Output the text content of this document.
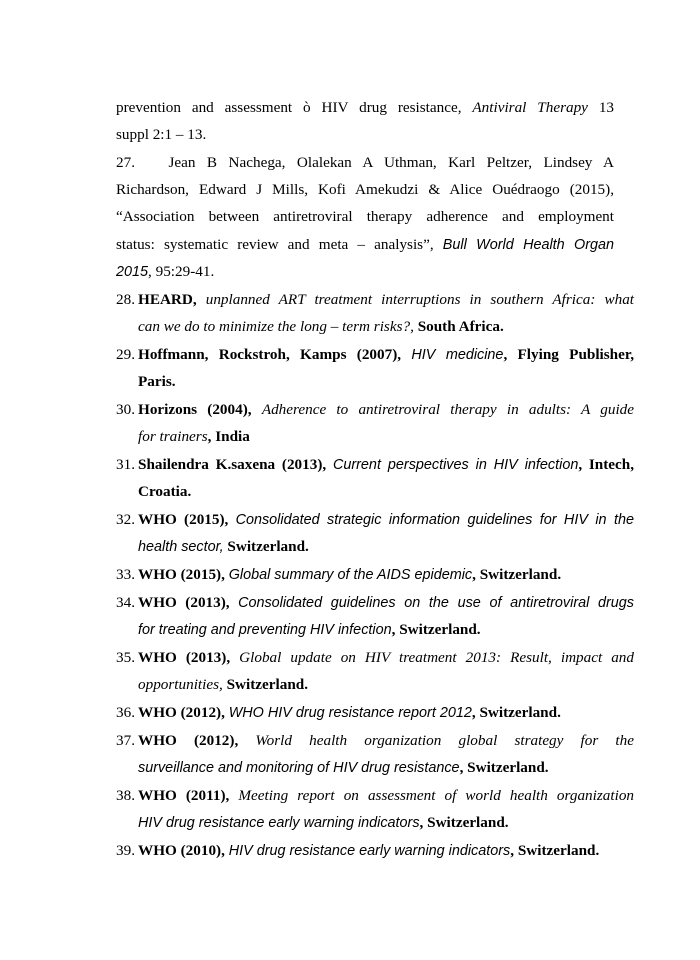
prevention and assessment ò HIV drug resistance, Antiviral Therapy 13
suppl 2:1 – 13.
27. Jean B Nachega, Olalekan A Uthman, Karl Peltzer, Lindsey A
Richardson, Edward J Mills, Kofi Amekudzi & Alice Ouédraogo (2015),
“Association between antiretroviral therapy adherence and employment
status: systematic review and meta – analysis”, Bull World Health Organ
2015, 95:29-41.
28. HEARD, unplanned ART treatment interruptions in southern Africa: what
can we do to minimize the long – term risks?, South Africa.
29. Hoffmann, Rockstroh, Kamps (2007), HIV medicine, Flying Publisher,
Paris.
30. Horizons (2004), Adherence to antiretroviral therapy in adults: A guide
for trainers, India
31. Shailendra K.saxena (2013), Current perspectives in HIV infection, Intech,
Croatia.
32. WHO (2015), Consolidated strategic information guidelines for HIV in the
health sector, Switzerland.
33. WHO (2015), Global summary of the AIDS epidemic, Switzerland.
34. WHO (2013), Consolidated guidelines on the use of antiretroviral drugs
for treating and preventing HIV infection, Switzerland.
35. WHO (2013), Global update on HIV treatment 2013: Result, impact and
opportunities, Switzerland.
36. WHO (2012), WHO HIV drug resistance report 2012, Switzerland.
37. WHO (2012), World health organization global strategy for the
surveillance and monitoring of HIV drug resistance, Switzerland.
38. WHO (2011), Meeting report on assessment of world health organization
HIV drug resistance early warning indicators, Switzerland.
39. WHO (2010), HIV drug resistance early warning indicators, Switzerland.
